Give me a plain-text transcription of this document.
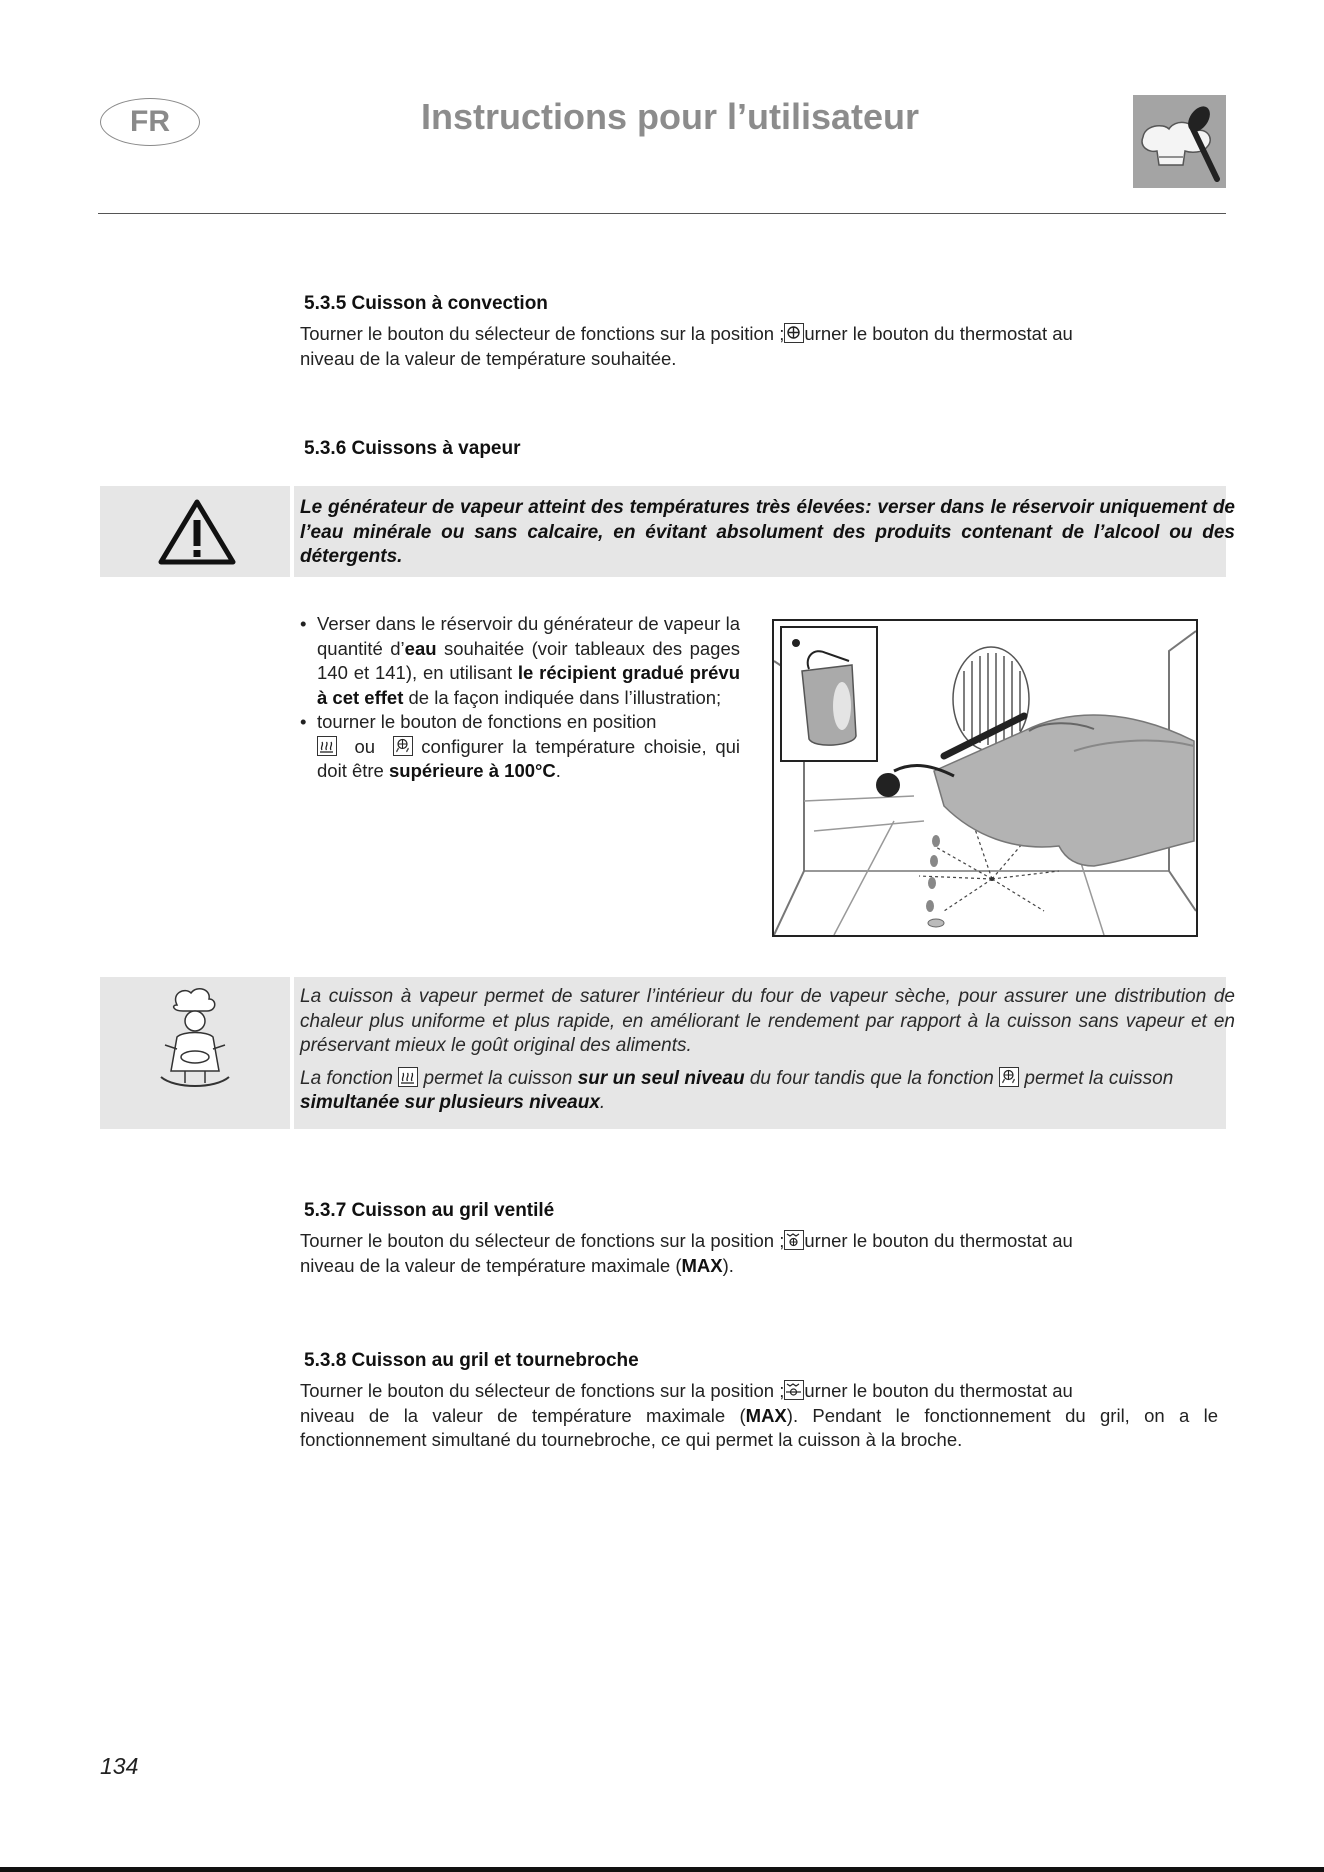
FR	Instructions pour l’utilisateur
5.3.5 Cuisson à convection
Tourner le bouton du sélecteur de fonctions sur la position ; urner le bouton du thermostat au
niveau de la valeur de température souhaitée.
5.3.6 Cuissons à vapeur
Le générateur de vapeur atteint des températures très élevées: verser dans le réservoir uniquement de l’eau minérale ou sans calcaire, en évitant absolument des produits contenant de l’alcool ou des détergents.
• Verser dans le réservoir du générateur de vapeur la quantité d’eau souhaitée (voir tableaux des pages 140 et 141), en utilisant le récipient gradué prévu à cet effet de la façon indiquée dans l’illustration;
• tourner le bouton de fonctions en position

ou configurer la température choisie, qui doit être supérieure à 100°C.
La cuisson à vapeur permet de saturer l’intérieur du four de vapeur sèche, pour assurer une distribution de chaleur plus uniforme et plus rapide, en améliorant le rendement par rapport à la cuisson sans vapeur et en préservant mieux le goût original des aliments.
La fonction
permet la cuisson sur un seul niveau du four tandis que la fonction
permet la cuisson simultanée sur plusieurs niveaux.
5.3.7 Cuisson au gril ventilé
Tourner le bouton du sélecteur de fonctions sur la position ; urner le bouton du thermostat au
niveau de la valeur de température maximale (MAX).
5.3.8 Cuisson au gril et tournebroche
Tourner le bouton du sélecteur de fonctions sur la position ; urner le bouton du thermostat au
niveau de la valeur de température maximale (MAX). Pendant le fonctionnement du gril, on a le
fonctionnement simultané du tournebroche, ce qui permet la cuisson à la broche.
134
